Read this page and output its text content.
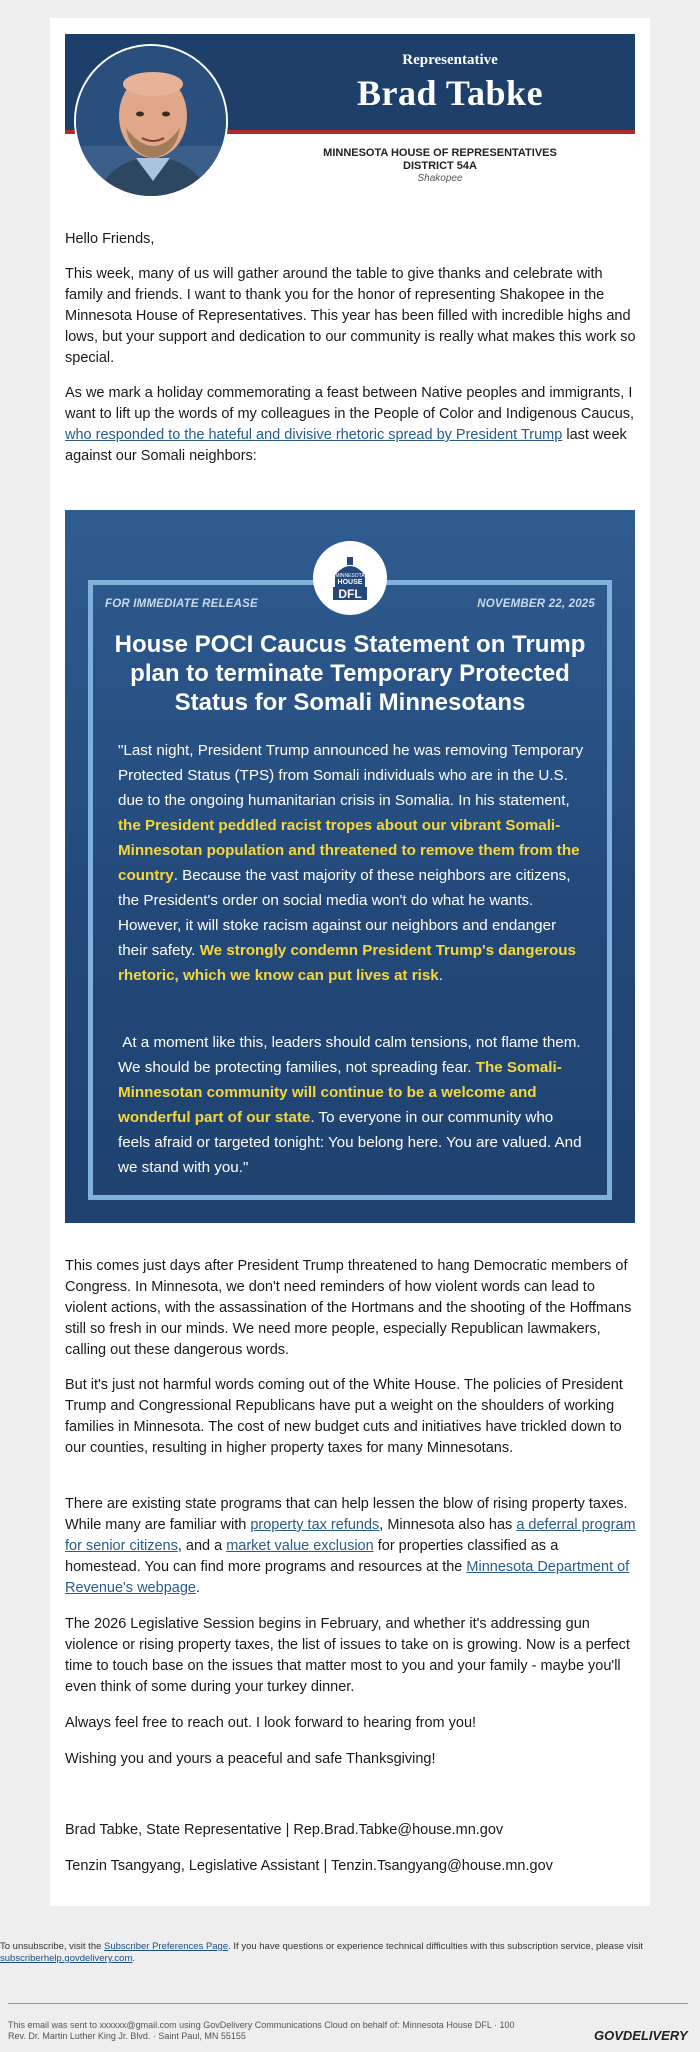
Representative
Brad Tabke
MINNESOTA HOUSE OF REPRESENTATIVES
DISTRICT 54A
Shakopee
Hello Friends,
This week, many of us will gather around the table to give thanks and celebrate with family and friends. I want to thank you for the honor of representing Shakopee in the Minnesota House of Representatives. This year has been filled with incredible highs and lows, but your support and dedication to our community is really what makes this work so special.
As we mark a holiday commemorating a feast between Native peoples and immigrants, I want to lift up the words of my colleagues in the People of Color and Indigenous Caucus, who responded to the hateful and divisive rhetoric spread by President Trump last week against our Somali neighbors:
MINNESOTA
HOUSE
DFL
FOR IMMEDIATE RELEASE	NOVEMBER 22, 2025
House POCI Caucus Statement on Trump plan to terminate Temporary Protected Status for Somali Minnesotans
"Last night, President Trump announced he was removing Temporary Protected Status (TPS) from Somali individuals who are in the U.S. due to the ongoing humanitarian crisis in Somalia. In his statement, the President peddled racist tropes about our vibrant Somali-Minnesotan population and threatened to remove them from the country. Because the vast majority of these neighbors are citizens, the President's order on social media won't do what he wants. However, it will stoke racism against our neighbors and endanger their safety. We strongly condemn President Trump's dangerous rhetoric, which we know can put lives at risk.
At a moment like this, leaders should calm tensions, not flame them. We should be protecting families, not spreading fear. The Somali-Minnesotan community will continue to be a welcome and wonderful part of our state. To everyone in our community who feels afraid or targeted tonight: You belong here. You are valued. And we stand with you."
This comes just days after President Trump threatened to hang Democratic members of Congress. In Minnesota, we don't need reminders of how violent words can lead to violent actions, with the assassination of the Hortmans and the shooting of the Hoffmans still so fresh in our minds. We need more people, especially Republican lawmakers, calling out these dangerous words.
But it's just not harmful words coming out of the White House. The policies of President Trump and Congressional Republicans have put a weight on the shoulders of working families in Minnesota. The cost of new budget cuts and initiatives have trickled down to our counties, resulting in higher property taxes for many Minnesotans.
There are existing state programs that can help lessen the blow of rising property taxes. While many are familiar with property tax refunds, Minnesota also has a deferral program for senior citizens, and a market value exclusion for properties classified as a homestead. You can find more programs and resources at the Minnesota Department of Revenue's webpage.
The 2026 Legislative Session begins in February, and whether it's addressing gun violence or rising property taxes, the list of issues to take on is growing. Now is a perfect time to touch base on the issues that matter most to you and your family - maybe you'll even think of some during your turkey dinner.
Always feel free to reach out. I look forward to hearing from you!
Wishing you and yours a peaceful and safe Thanksgiving!
Brad Tabke, State Representative | Rep.Brad.Tabke@house.mn.gov
Tenzin Tsangyang, Legislative Assistant | Tenzin.Tsangyang@house.mn.gov
To unsubscribe, visit the Subscriber Preferences Page. If you have questions or experience technical difficulties with this subscription service, please visit subscriberhelp.govdelivery.com.
This email was sent to xxxxxx@gmail.com using GovDelivery Communications Cloud on behalf of: Minnesota House DFL · 100
Rev. Dr. Martin Luther King Jr. Blvd. · Saint Paul, MN 55155	GOVDELIVERY
